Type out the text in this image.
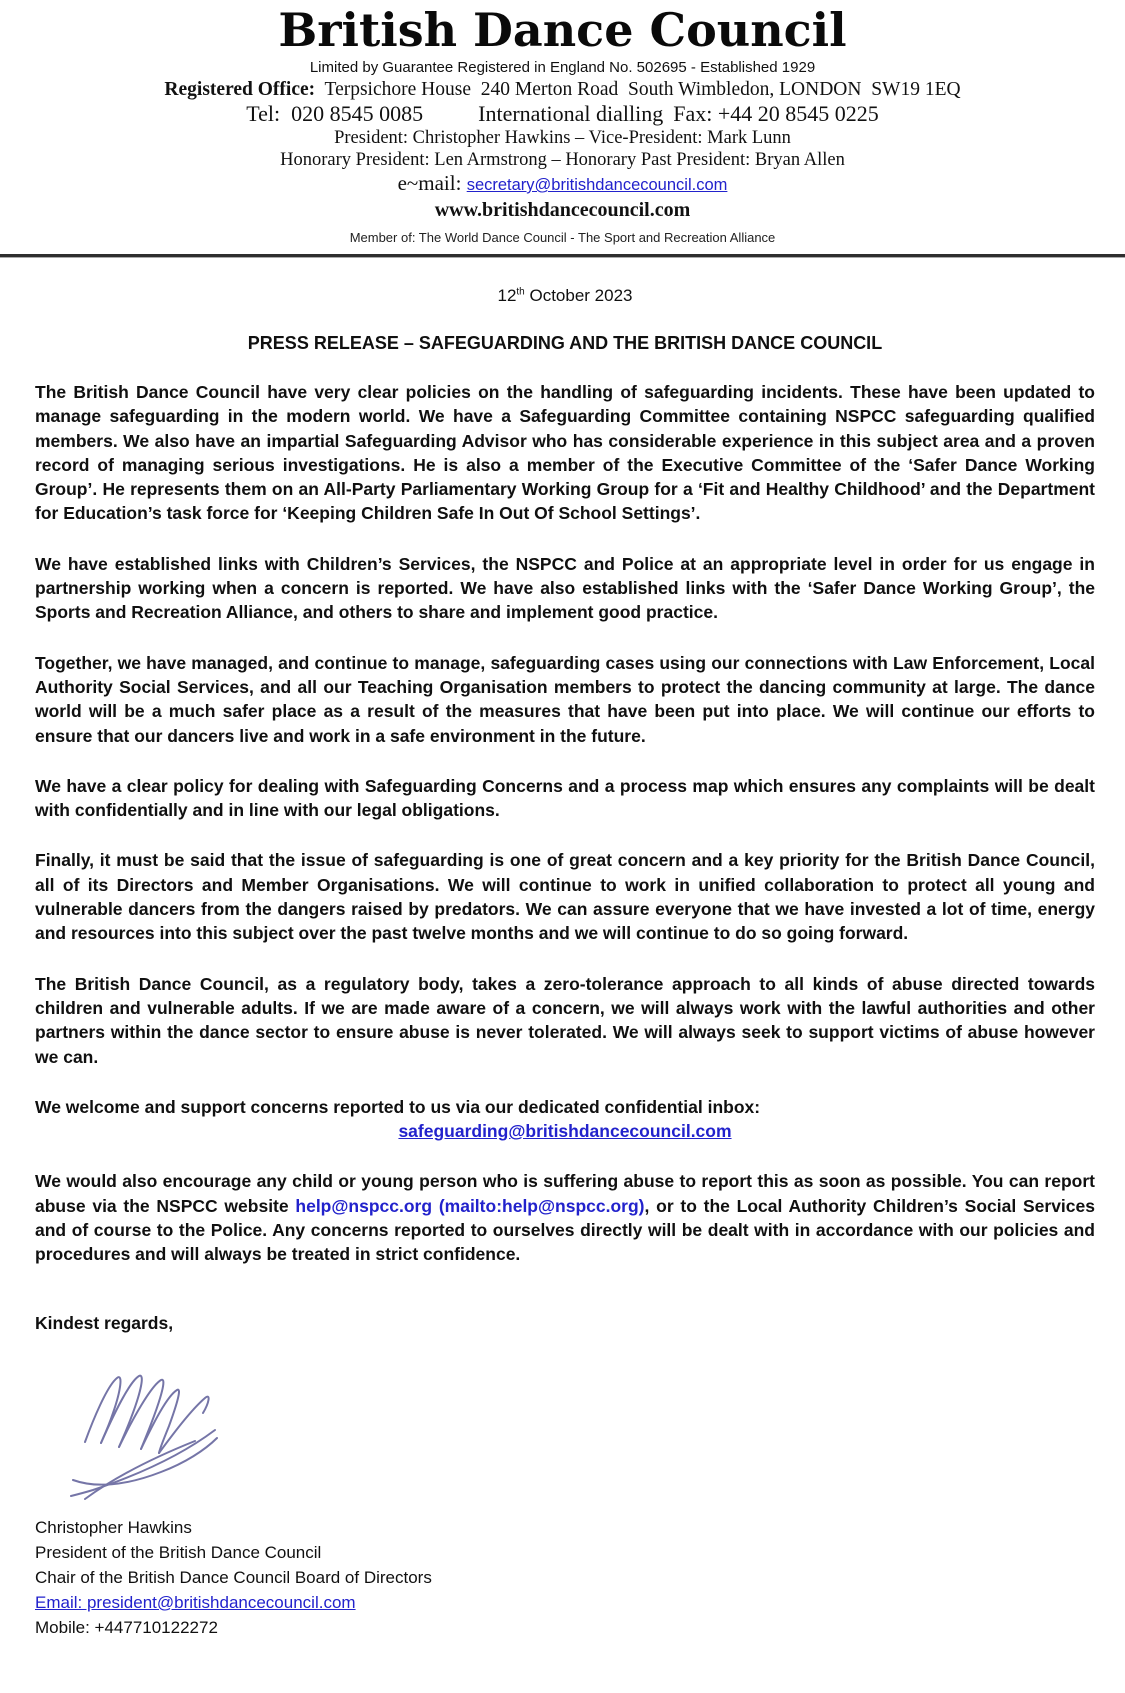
British Dance Council
Limited by Guarantee Registered in England No. 502695 - Established 1929
Registered Office:  Terpsichore House  240 Merton Road  South Wimbledon, LONDON  SW19 1EQ
Tel:  020 8545 0085	International dialling Fax: +44 20 8545 0225
President: Christopher Hawkins – Vice-President: Mark Lunn
Honorary President: Len Armstrong – Honorary Past President: Bryan Allen
e~mail: secretary@britishdancecouncil.com
www.britishdancecouncil.com
Member of: The World Dance Council - The Sport and Recreation Alliance
12th October 2023
PRESS RELEASE – SAFEGUARDING AND THE BRITISH DANCE COUNCIL

The British Dance Council have very clear policies on the handling of safeguarding incidents. These have been updated to manage safeguarding in the modern world. We have a Safeguarding Committee containing NSPCC safeguarding qualified members. We also have an impartial Safeguarding Advisor who has considerable experience in this subject area and a proven record of managing serious investigations. He is also a member of the Executive Committee of the ‘Safer Dance Working Group’. He represents them on an All-Party Parliamentary Working Group for a ‘Fit and Healthy Childhood’ and the Department for Education’s task force for ‘Keeping Children Safe In Out Of School Settings’.

We have established links with Children’s Services, the NSPCC and Police at an appropriate level in order for us engage in partnership working when a concern is reported. We have also established links with the ‘Safer Dance Working Group’, the Sports and Recreation Alliance, and others to share and implement good practice.

Together, we have managed, and continue to manage, safeguarding cases using our connections with Law Enforcement, Local Authority Social Services, and all our Teaching Organisation members to protect the dancing community at large. The dance world will be a much safer place as a result of the measures that have been put into place. We will continue our efforts to ensure that our dancers live and work in a safe environment in the future.

We have a clear policy for dealing with Safeguarding Concerns and a process map which ensures any complaints will be dealt with confidentially and in line with our legal obligations.

Finally, it must be said that the issue of safeguarding is one of great concern and a key priority for the British Dance Council, all of its Directors and Member Organisations. We will continue to work in unified collaboration to protect all young and vulnerable dancers from the dangers raised by predators. We can assure everyone that we have invested a lot of time, energy and resources into this subject over the past twelve months and we will continue to do so going forward.

The British Dance Council, as a regulatory body, takes a zero-tolerance approach to all kinds of abuse directed towards children and vulnerable adults. If we are made aware of a concern, we will always work with the lawful authorities and other partners within the dance sector to ensure abuse is never tolerated. We will always seek to support victims of abuse however we can.

We welcome and support concerns reported to us via our dedicated confidential inbox:

safeguarding@britishdancecouncil.com

We would also encourage any child or young person who is suffering abuse to report this as soon as possible. You can report abuse via the NSPCC website help@nspcc.org (mailto:help@nspcc.org), or to the Local Authority Children’s Social Services and of course to the Police. Any concerns reported to ourselves directly will be dealt with in accordance with our policies and procedures and will always be treated in strict confidence.

Kindest regards,
Christopher Hawkins
President of the British Dance Council
Chair of the British Dance Council Board of Directors
Email: president@britishdancecouncil.com
Mobile: +447710122272
